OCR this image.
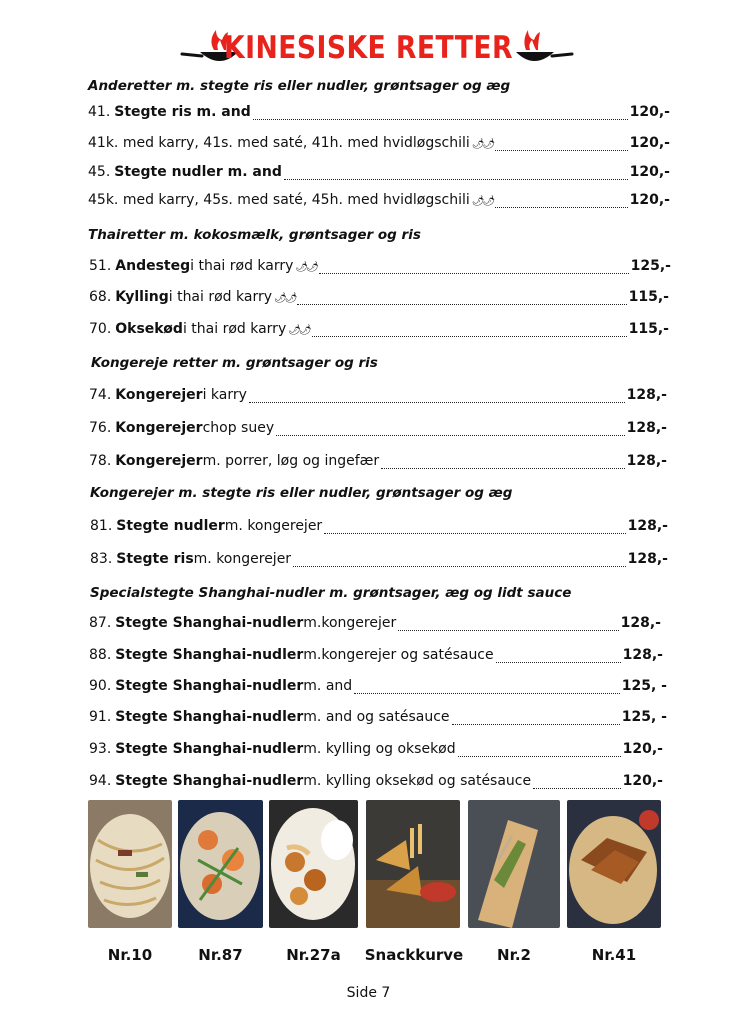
KINESISKE RETTER
Anderetter m. stegte ris eller nudler, grøntsager og æg
41. Stegte ris m. and	120,-
41k. med karry, 41s. med saté, 41h. med hvidløgschili 🌶🌶	120,-
45. Stegte nudler m. and	120,-
45k. med karry, 45s. med saté, 45h. med hvidløgschili 🌶🌶	120,-
Thairetter m. kokosmælk, grøntsager og ris
51. Andesteg i thai rød karry 🌶🌶	125,-
68. Kylling i thai rød karry 🌶🌶	115,-
70. Oksekød i thai rød karry 🌶🌶	115,-
Kongereje retter m. grøntsager og ris
74. Kongerejer i karry	128,-
76. Kongerejer chop suey	128,-
78. Kongerejer m. porrer, løg og ingefær	128,-
Kongerejer m. stegte ris eller nudler, grøntsager og æg
81. Stegte nudler m. kongerejer	128,-
83. Stegte ris m. kongerejer	128,-
Specialstegte Shanghai-nudler m. grøntsager, æg og lidt sauce
87. Stegte Shanghai-nudler m.kongerejer	128,-
88. Stegte Shanghai-nudler m.kongerejer og satésauce	128,-
90. Stegte Shanghai-nudler m. and	125, -
91. Stegte Shanghai-nudler m. and og satésauce	125, -
93. Stegte Shanghai-nudler m. kylling og oksekød	120,-
94. Stegte Shanghai-nudler m. kylling oksekød og satésauce	120,-
Nr.10	Nr.87	Nr.27a	Snackkurve	Nr.2	Nr.41
Side 7
